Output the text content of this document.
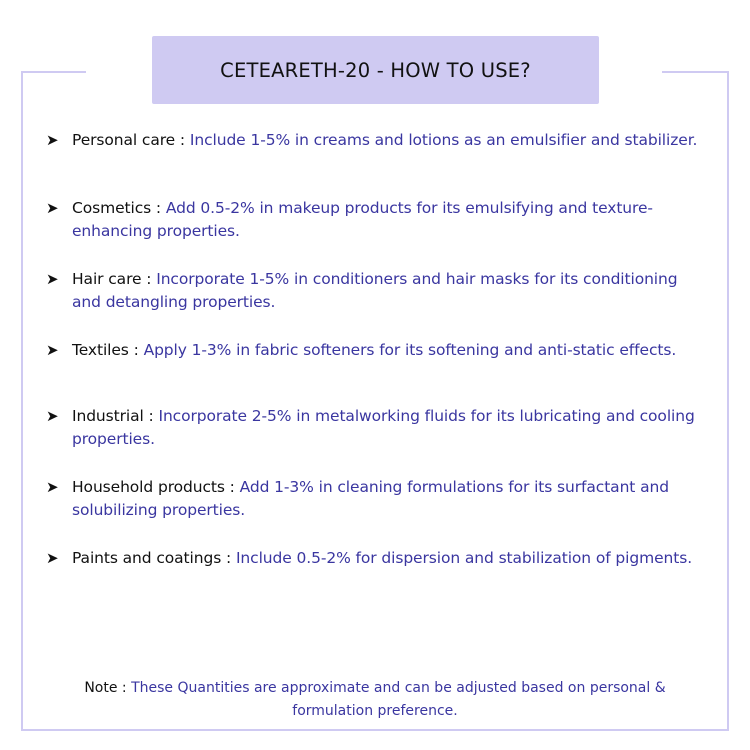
CETEARETH-20 - HOW TO USE?
➤ Personal care : Include 1-5% in creams and lotions as an emulsifier and stabilizer.
➤ Cosmetics : Add 0.5-2% in makeup products for its emulsifying and texture-enhancing properties.
➤ Hair care : Incorporate 1-5% in conditioners and hair masks for its conditioning and detangling properties.
➤ Textiles : Apply 1-3% in fabric softeners for its softening and anti-static effects.
➤ Industrial : Incorporate 2-5% in metalworking fluids for its lubricating and cooling properties.
➤ Household products : Add 1-3% in cleaning formulations for its surfactant and solubilizing properties.
➤ Paints and coatings : Include 0.5-2% for dispersion and stabilization of pigments.
Note : These Quantities are approximate and can be adjusted based on personal & formulation preference.
